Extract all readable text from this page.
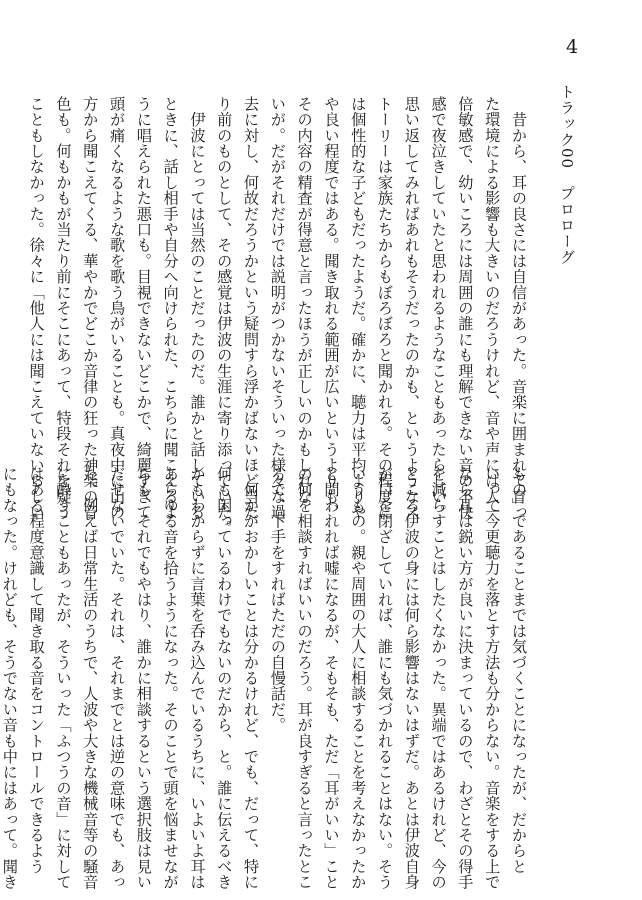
4
トラック00　プロローグ
　昔から、耳の良さには自信があった。音楽に囲まれて育っ
た環境による影響も大きいのだろうけれど、音や声には人一
倍敏感で、幼いころには周囲の誰にも理解できない音の不快
感で夜泣きしていたと思われるようなこともあったらしい。
思い返してみればあれもそうだったのかも、というようなス
トーリーは家族たちからもぼろぼろと聞かれる。その程度に
は個性的な子どもだったようだ。確かに、聴力は平均よりや
や良い程度ではある。聞き取れる範囲が広いというよりも、
その内容の精査が得意と言ったほうが正しいのかもしれな
いが。だがそれだけでは説明がつかないそういった様々な過
去に対し、何故だろうかという疑問すら浮かばないほど当た
り前のものとして、その感覚は伊波の生涯に寄り添っていた。
　伊波にとっては当然のことだったのだ。誰かと話している
ときに、話し相手や自分へ向けられた、こちらに聞こえるよ
うに唱えられた悪口も。目視できないどこかで、綺麗すぎて
頭が痛くなるような歌を歌う鳥がいることも。真夜中に山の
方から聞こえてくる、華やかでどこか音律の狂った神楽の音
色も。何もかもが当たり前にそこにあって、特段それを疑う
こともしなかった。徐々に「他人には聞こえていないらしい
もの」であることまでは気づくことになったが、だからと
いって今更聴力を落とす方法も分からない。音楽をする上で
なら耳は鋭い方が良いに決まっているので、わざとその得手
を減らすことはしたくなかった。異端ではあるけれど、今の
ところ伊波の身には何ら影響はないはずだ。あとは伊波自身
が口を閉ざしていれば、誰にも気づかれることはない。そう
いうもの。親や周囲の大人に相談することを考えなかったか
と問われれば嘘になるが、そもそも、ただ「耳がいい」こと
の何を相談すればいいのだろう。耳が良すぎると言ったとこ
ろで、下手をすればただの自慢話だ。
　何かがおかしいことは分かるけれど、でも、だって、特に
何も困っているわけでもないのだから、と。誰に伝えるべき
かもわからずに言葉を呑み込んでいるうちに、いよいよ耳は
あらゆる音を拾うようになった。そのことで頭を悩ませなが
らも、それでもやはり、誰かに相談するという選択肢は見い
だせないでいた。それは、それまでとは逆の意味でも、あっ
た。例えば日常生活のうちで、人波や大きな機械音等の騒音
に酔うこともあったが、そういった「ふつうの音」に対して
はある程度意識して聞き取る音をコントロールできるよう
にもなった。けれども、そうでない音も中にはあって。聞き
